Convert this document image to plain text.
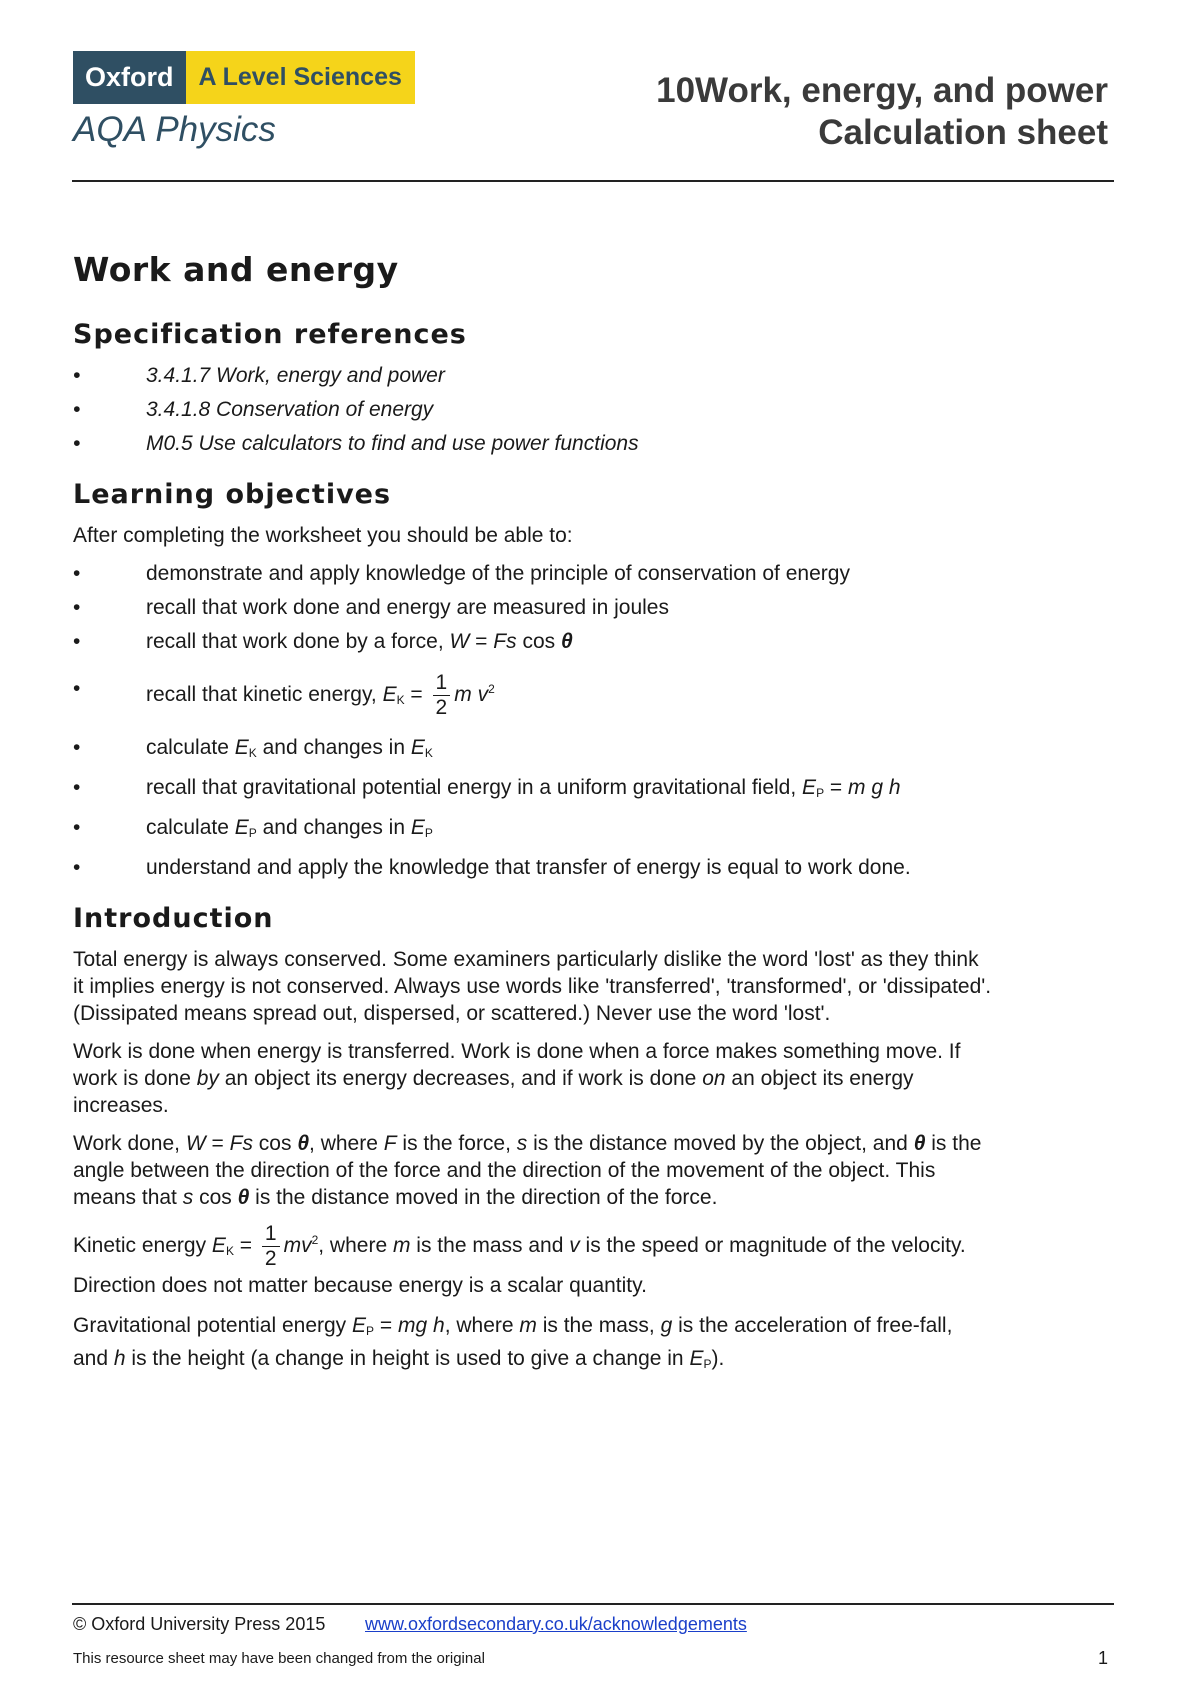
Oxford	A Level Sciences
AQA Physics
10Work, energy, and power
Calculation sheet
Work and energy
Specification references
•	3.4.1.7 Work, energy and power
•	3.4.1.8 Conservation of energy
•	M0.5 Use calculators to find and use power functions
Learning objectives

After completing the worksheet you should be able to:

•	demonstrate and apply knowledge of the principle of conservation of energy
•	recall that work done and energy are measured in joules
•	recall that work done by a force, W = Fs cos θ
•	recall that kinetic energy, $E_K = \frac{1}{2}$ m $v^2$
•	calculate $E_K$ and changes in $E_K$
•	recall that gravitational potential energy in a uniform gravitational field, $E_P = m$ g h
•	calculate $E_P$ and changes in $E_P$
•	understand and apply the knowledge that transfer of energy is equal to work done.
Introduction

Total energy is always conserved. Some examiners particularly dislike the word 'lost' as they think it implies energy is not conserved. Always use words like 'transferred', 'transformed', or 'dissipated'. (Dissipated means spread out, dispersed, or scattered.) Never use the word 'lost'.

Work is done when energy is transferred. Work is done when a force makes something move. If work is done by an object its energy decreases, and if work is done on an object its energy increases.

Work done, W = Fs cos θ, where F is the force, s is the distance moved by the object, and θ is the angle between the direction of the force and the direction of the movement of the object. This means that s cos θ is the distance moved in the direction of the force.

Kinetic energy $E_K = \frac{1}{2} mv^2$, where m is the mass and v is the speed or magnitude of the velocity. Direction does not matter because energy is a scalar quantity.

Gravitational potential energy $E_P$ = mg h, where m is the mass, g is the acceleration of free-fall, and h is the height (a change in height is used to give a change in $E_P$).

© Oxford University Press 2015 www.oxfordsecondary.co.uk/acknowledgements
This resource sheet may have been changed from the original	1
